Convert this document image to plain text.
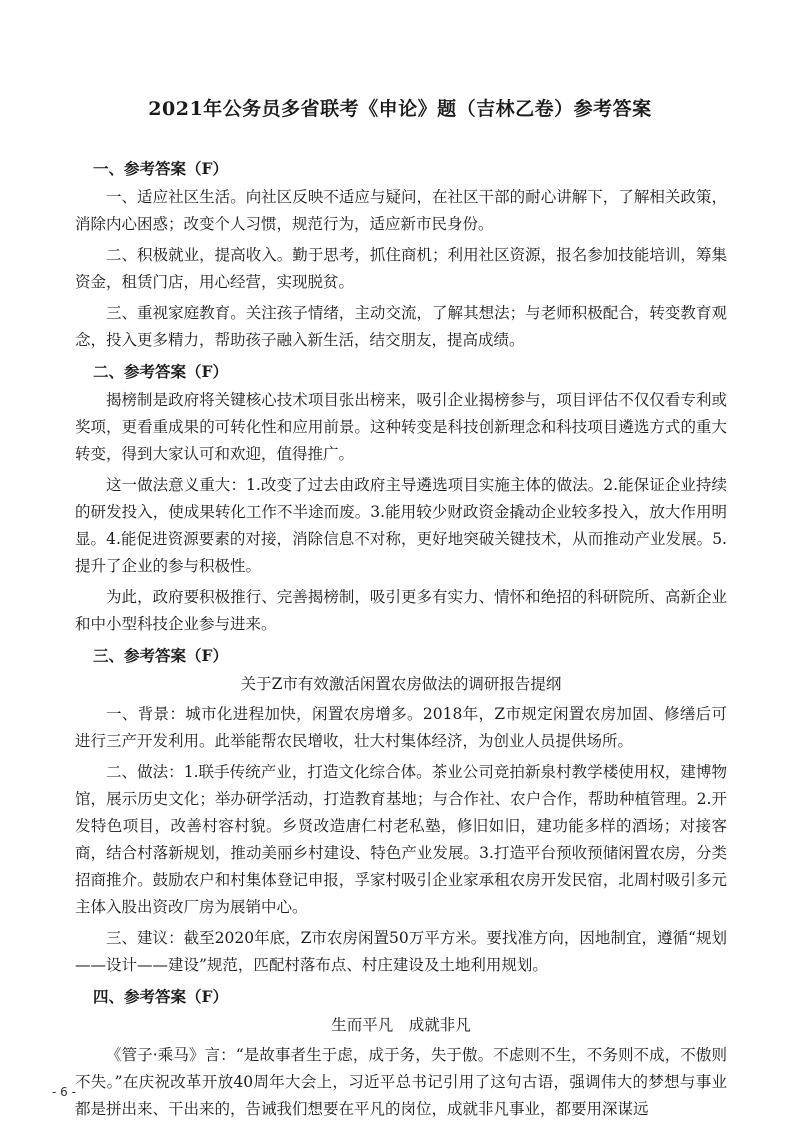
2021年公务员多省联考《申论》题（吉林乙卷）参考答案
一、参考答案（F）
一、适应社区生活。向社区反映不适应与疑问，在社区干部的耐心讲解下，了解相关政策，消除内心困惑；改变个人习惯，规范行为，适应新市民身份。
二、积极就业，提高收入。勤于思考，抓住商机；利用社区资源，报名参加技能培训，筹集资金，租赁门店，用心经营，实现脱贫。
三、重视家庭教育。关注孩子情绪，主动交流，了解其想法；与老师积极配合，转变教育观念，投入更多精力，帮助孩子融入新生活，结交朋友，提高成绩。
二、参考答案（F）
揭榜制是政府将关键核心技术项目张出榜来，吸引企业揭榜参与，项目评估不仅仅看专利或奖项，更看重成果的可转化性和应用前景。这种转变是科技创新理念和科技项目遴选方式的重大转变，得到大家认可和欢迎，值得推广。
这一做法意义重大：1.改变了过去由政府主导遴选项目实施主体的做法。2.能保证企业持续的研发投入，使成果转化工作不半途而废。3.能用较少财政资金撬动企业较多投入，放大作用明显。4.能促进资源要素的对接，消除信息不对称，更好地突破关键技术，从而推动产业发展。5.提升了企业的参与积极性。
为此，政府要积极推行、完善揭榜制，吸引更多有实力、情怀和绝招的科研院所、高新企业和中小型科技企业参与进来。
三、参考答案（F）
关于Z市有效激活闲置农房做法的调研报告提纲
一、背景：城市化进程加快，闲置农房增多。2018年，Z市规定闲置农房加固、修缮后可进行三产开发利用。此举能帮农民增收，壮大村集体经济，为创业人员提供场所。
二、做法：1.联手传统产业，打造文化综合体。茶业公司竞拍新泉村教学楼使用权，建博物馆，展示历史文化；举办研学活动，打造教育基地；与合作社、农户合作，帮助种植管理。2.开发特色项目，改善村容村貌。乡贤改造唐仁村老私塾，修旧如旧，建功能多样的酒场；对接客商，结合村落新规划，推动美丽乡村建设、特色产业发展。3.打造平台预收预储闲置农房，分类招商推介。鼓励农户和村集体登记申报，孚家村吸引企业家承租农房开发民宿，北周村吸引多元主体入股出资改厂房为展销中心。
三、建议：截至2020年底，Z市农房闲置50万平方米。要找准方向，因地制宜，遵循“规划——设计——建设”规范，匹配村落布点、村庄建设及土地利用规划。
四、参考答案（F）
生而平凡　成就非凡
《管子·乘马》言：“是故事者生于虑，成于务，失于傲。不虑则不生，不务则不成，不傲则不失。”在庆祝改革开放40周年大会上，习近平总书记引用了这句古语，强调伟大的梦想与事业都是拼出来、干出来的，告诫我们想要在平凡的岗位，成就非凡事业，都要用深谋远
- 6 -
